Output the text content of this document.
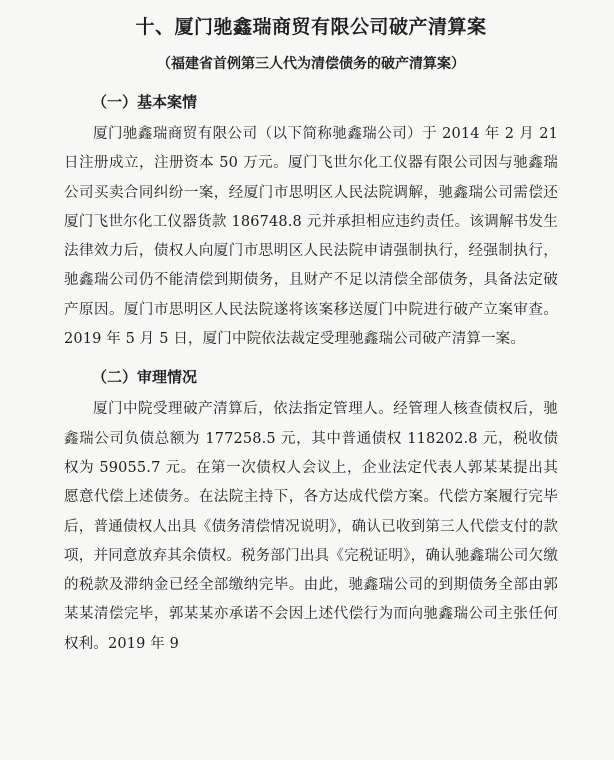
十、厦门驰鑫瑞商贸有限公司破产清算案
（福建省首例第三人代为清偿债务的破产清算案）
（一）基本案情

厦门驰鑫瑞商贸有限公司（以下简称驰鑫瑞公司）于 2014 年 2 月 21 日注册成立，注册资本 50 万元。厦门飞世尔化工仪器有限公司因与驰鑫瑞公司买卖合同纠纷一案，经厦门市思明区人民法院调解，驰鑫瑞公司需偿还厦门飞世尔化工仪器货款 186748.8 元并承担相应违约责任。该调解书发生法律效力后，债权人向厦门市思明区人民法院申请强制执行，经强制执行，驰鑫瑞公司仍不能清偿到期债务，且财产不足以清偿全部债务，具备法定破产原因。厦门市思明区人民法院遂将该案移送厦门中院进行破产立案审查。2019 年 5 月 5 日，厦门中院依法裁定受理驰鑫瑞公司破产清算一案。

（二）审理情况

厦门中院受理破产清算后，依法指定管理人。经管理人核查债权后，驰鑫瑞公司负债总额为 177258.5 元，其中普通债权 118202.8 元，税收债权为 59055.7 元。在第一次债权人会议上，企业法定代表人郭某某提出其愿意代偿上述债务。在法院主持下，各方达成代偿方案。代偿方案履行完毕后，普通债权人出具《债务清偿情况说明》，确认已收到第三人代偿支付的款项，并同意放弃其余债权。税务部门出具《完税证明》，确认驰鑫瑞公司欠缴的税款及滞纳金已经全部缴纳完毕。由此，驰鑫瑞公司的到期债务全部由郭某某清偿完毕，郭某某亦承诺不会因上述代偿行为而向驰鑫瑞公司主张任何权利。2019 年 9
